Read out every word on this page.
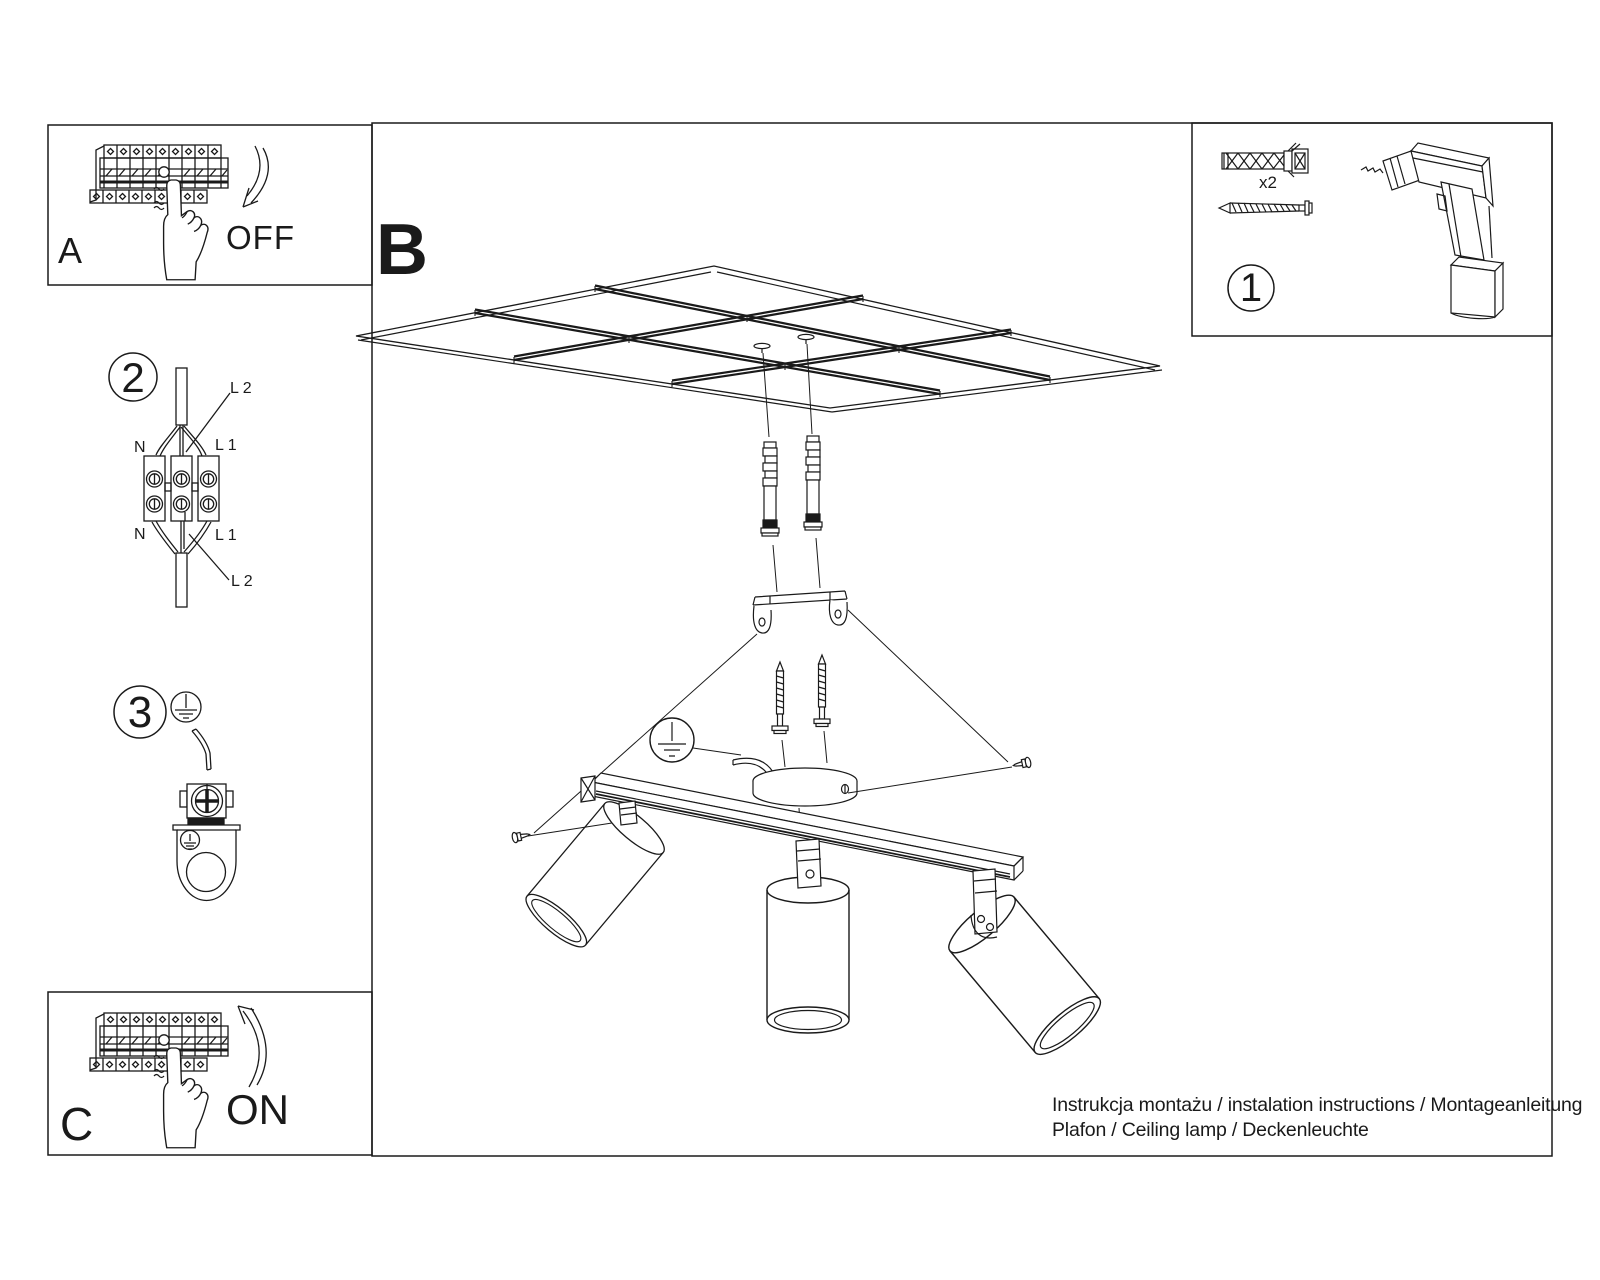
A	OFF B
C	ON
1
x2
2	L 2
N	L 1
N	L 1
L 2
3
Instrukcja montażu / instalation instructions / Montageanleitung
Plafon / Ceiling lamp / Deckenleuchte
